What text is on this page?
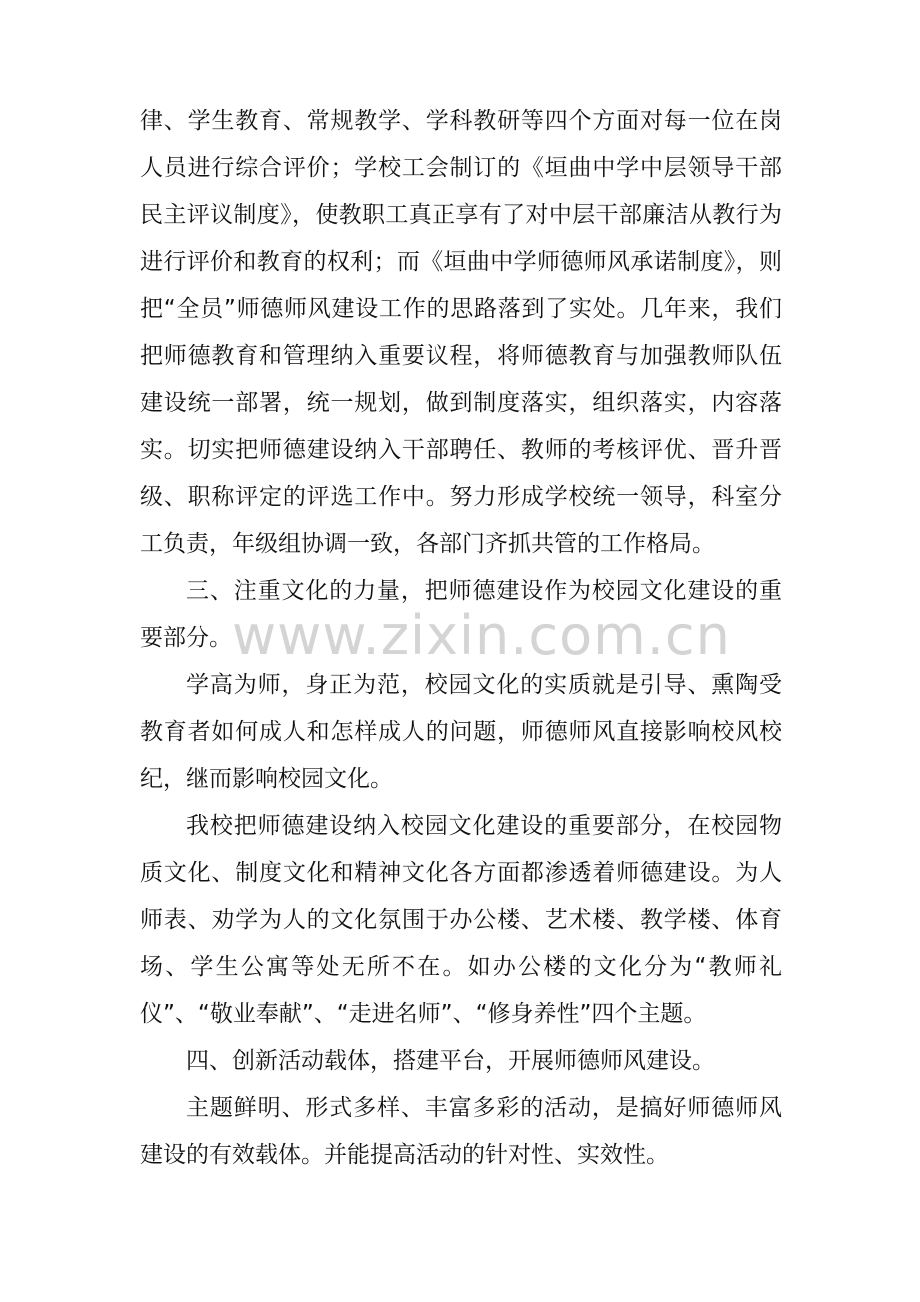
www.zixin.com.cn

律、学生教育、常规教学、学科教研等四个方面对每一位在岗人员进行综合评价；学校工会制订的《垣曲中学中层领导干部民主评议制度》，使教职工真正享有了对中层干部廉洁从教行为进行评价和教育的权利；而《垣曲中学师德师风承诺制度》，则把“全员”师德师风建设工作的思路落到了实处。几年来，我们把师德教育和管理纳入重要议程，将师德教育与加强教师队伍建设统一部署，统一规划，做到制度落实，组织落实，内容落实。切实把师德建设纳入干部聘任、教师的考核评优、晋升晋级、职称评定的评选工作中。努力形成学校统一领导，科室分工负责，年级组协调一致，各部门齐抓共管的工作格局。

三、注重文化的力量，把师德建设作为校园文化建设的重要部分。

学高为师，身正为范，校园文化的实质就是引导、熏陶受教育者如何成人和怎样成人的问题，师德师风直接影响校风校纪，继而影响校园文化。

我校把师德建设纳入校园文化建设的重要部分，在校园物质文化、制度文化和精神文化各方面都渗透着师德建设。为人师表、劝学为人的文化氛围于办公楼、艺术楼、教学楼、体育场、学生公寓等处无所不在。如办公楼的文化分为“教师礼仪”、“敬业奉献”、“走进名师”、“修身养性”四个主题。

四、创新活动载体，搭建平台，开展师德师风建设。

主题鲜明、形式多样、丰富多彩的活动，是搞好师德师风建设的有效载体。并能提高活动的针对性、实效性。
